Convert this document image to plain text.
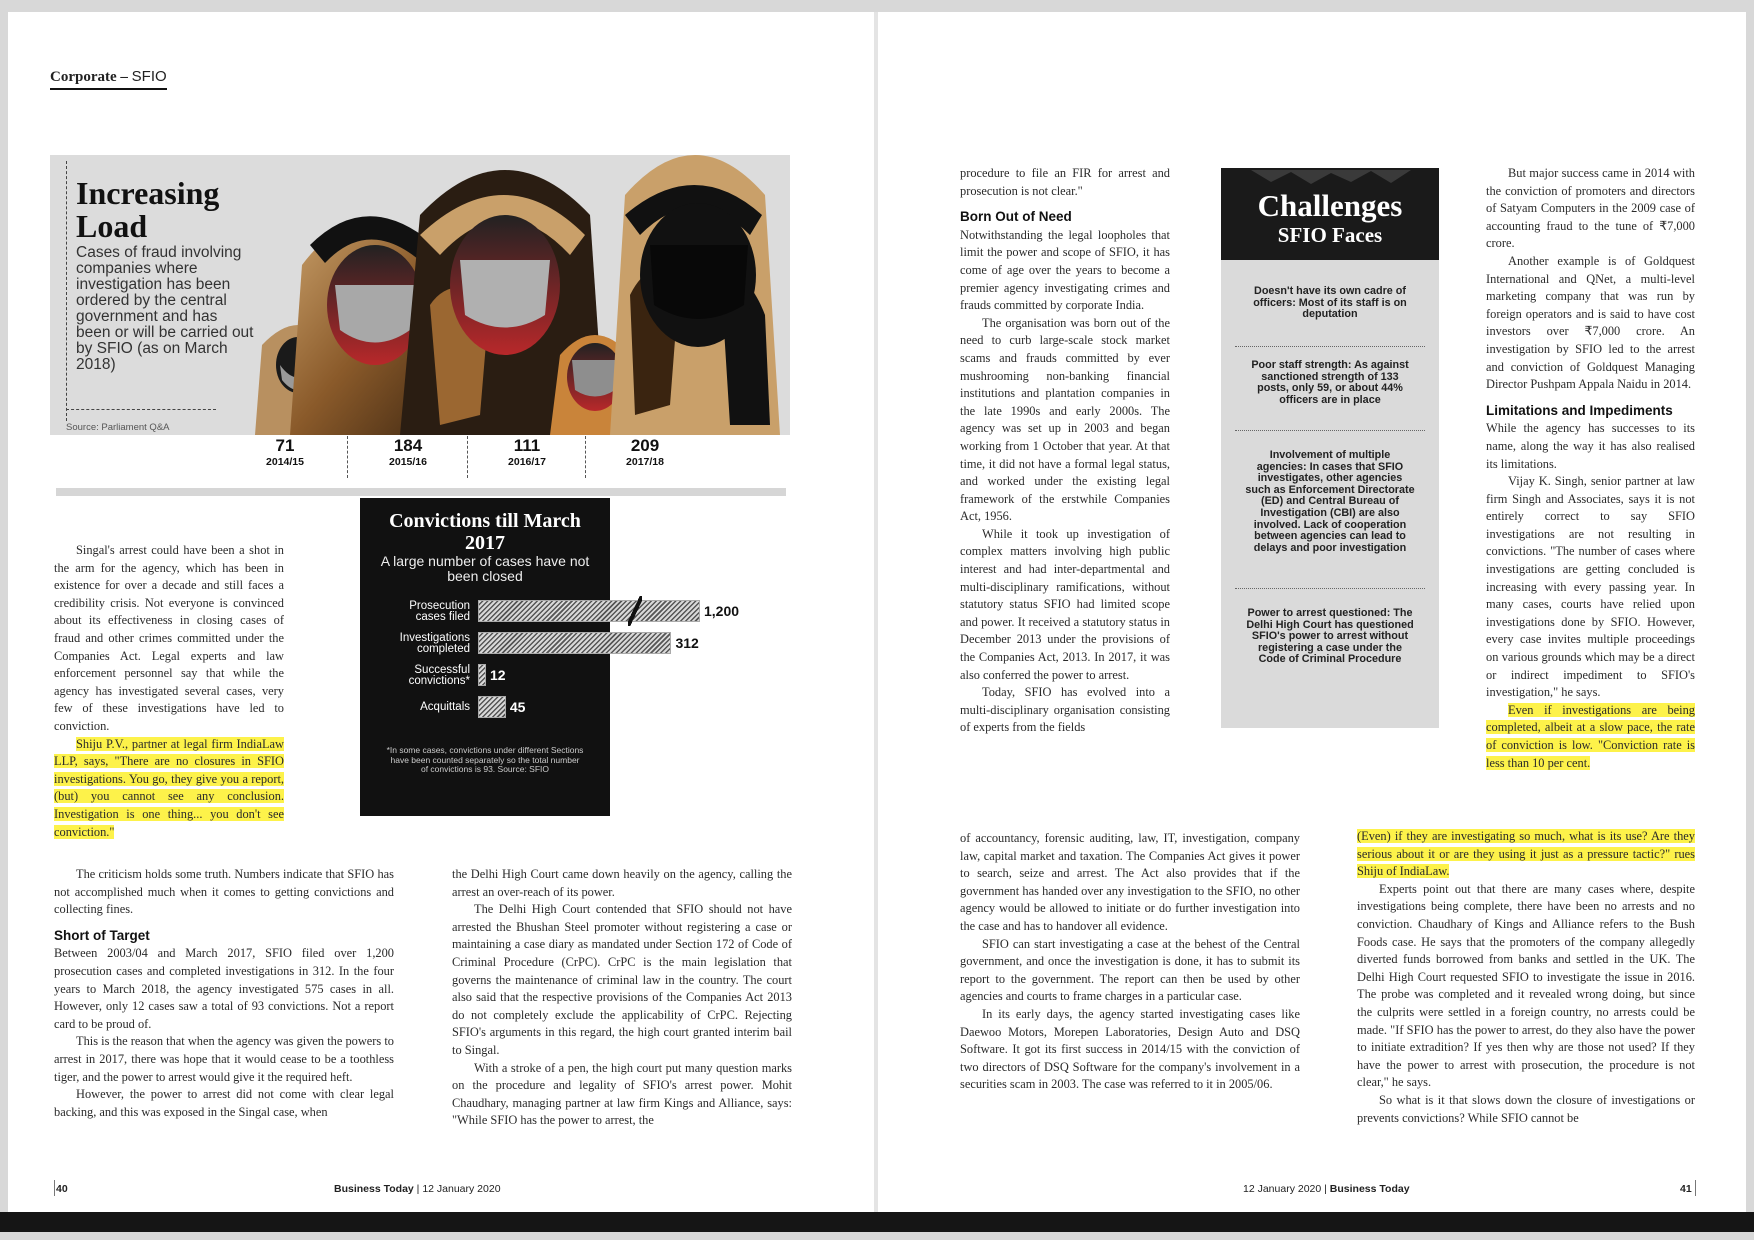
Corporate – SFIO
Increasing
Load
Cases of fraud involving companies where investigation has been ordered by the central government and has been or will be carried out by SFIO (as on March 2018)
Source: Parliament Q&A
71
2014/15
184
2015/16
111
2016/17
209
2017/18
Convictions till March 2017
A large number of cases have not been closed
Prosecution
cases filed	1,200
Investigations
completed	312
Successful
convictions* 12
Acquittals	45
*In some cases, convictions under different Sections have been counted separately so the total number of convictions is 93. Source: SFIO

Singal's arrest could have been a shot in the arm for the agency, which has been in existence for over a decade and still faces a credibility crisis. Not everyone is convinced about its effectiveness in closing cases of fraud and other crimes committed under the Companies Act. Legal experts and law enforcement personnel say that while the agency has investigated several cases, very few of these investigations have led to conviction.

Shiju P.V., partner at legal firm IndiaLaw LLP, says, "There are no closures in SFIO investigations. You go, they give you a report, (but) you cannot see any conclusion. Investigation is one thing... you don't see conviction."

The criticism holds some truth. Numbers indicate that SFIO has not accomplished much when it comes to getting convictions and collecting fines.

Short of Target

Between 2003/04 and March 2017, SFIO filed over 1,200 prosecution cases and completed investigations in 312. In the four years to March 2018, the agency investigated 575 cases in all. However, only 12 cases saw a total of 93 convictions. Not a report card to be proud of.

This is the reason that when the agency was given the powers to arrest in 2017, there was hope that it would cease to be a toothless tiger, and the power to arrest would give it the required heft.

However, the power to arrest did not come with clear legal backing, and this was exposed in the Singal case, when

the Delhi High Court came down heavily on the agency, calling the arrest an over-reach of its power.

The Delhi High Court contended that SFIO should not have arrested the Bhushan Steel promoter without registering a case or maintaining a case diary as mandated under Section 172 of Code of Criminal Procedure (CrPC). CrPC is the main legislation that governs the maintenance of criminal law in the country. The court also said that the respective provisions of the Companies Act 2013 do not completely exclude the applicability of CrPC. Rejecting SFIO's arguments in this regard, the high court granted interim bail to Singal.

With a stroke of a pen, the high court put many question marks on the procedure and legality of SFIO's arrest power. Mohit Chaudhary, managing partner at law firm Kings and Alliance, says: "While SFIO has the power to arrest, the

40	Business Today | 12 January 2020

procedure to file an FIR for arrest and prosecution is not clear."

Born Out of Need

Notwithstanding the legal loopholes that limit the power and scope of SFIO, it has come of age over the years to become a premier agency investigating crimes and frauds committed by corporate India.

The organisation was born out of the need to curb large-scale stock market scams and frauds committed by ever mushrooming non-banking financial institutions and plantation companies in the late 1990s and early 2000s. The agency was set up in 2003 and began working from 1 October that year. At that time, it did not have a formal legal status, and worked under the existing legal framework of the erstwhile Companies Act, 1956.

While it took up investigation of complex matters involving high public interest and had inter-departmental and multi-disciplinary ramifications, without statutory status SFIO had limited scope and power. It received a statutory status in December 2013 under the provisions of the Companies Act, 2013. In 2017, it was also conferred the power to arrest.

Today, SFIO has evolved into a multi-disciplinary organisation consisting of experts from the fields

of accountancy, forensic auditing, law, IT, investigation, company law, capital market and taxation. The Companies Act gives it power to search, seize and arrest. The Act also provides that if the government has handed over any investigation to the SFIO, no other agency would be allowed to initiate or do further investigation into the case and has to handover all evidence.

SFIO can start investigating a case at the behest of the Central government, and once the investigation is done, it has to submit its report to the government. The report can then be used by other agencies and courts to frame charges in a particular case.

In its early days, the agency started investigating cases like Daewoo Motors, Morepen Laboratories, Design Auto and DSQ Software. It got its first success in 2014/15 with the conviction of two directors of DSQ Software for the company's involvement in a securities scam in 2003. The case was referred to it in 2005/06.

Challenges
SFIO Faces
Doesn't have its own cadre of officers: Most of its staff is on deputation
Poor staff strength: As against sanctioned strength of 133 posts, only 59, or about 44% officers are in place
Involvement of multiple agencies: In cases that SFIO investigates, other agencies such as Enforcement Directorate (ED) and Central Bureau of Investigation (CBI) are also involved. Lack of cooperation between agencies can lead to delays and poor investigation
Power to arrest questioned: The Delhi High Court has questioned SFIO's power to arrest without registering a case under the Code of Criminal Procedure

But major success came in 2014 with the conviction of promoters and directors of Satyam Computers in the 2009 case of accounting fraud to the tune of ₹7,000 crore.

Another example is of Goldquest International and QNet, a multi-level marketing company that was run by foreign operators and is said to have cost investors over ₹7,000 crore. An investigation by SFIO led to the arrest and conviction of Goldquest Managing Director Pushpam Appala Naidu in 2014.

Limitations and Impediments

While the agency has successes to its name, along the way it has also realised its limitations.

Vijay K. Singh, senior partner at law firm Singh and Associates, says it is not entirely correct to say SFIO investigations are not resulting in convictions. "The number of cases where investigations are getting concluded is increasing with every passing year. In many cases, courts have relied upon investigations done by SFIO. However, every case invites multiple proceedings on various grounds which may be a direct or indirect impediment to SFIO's investigation," he says.

Even if investigations are being completed, albeit at a slow pace, the rate of conviction is low. "Conviction rate is less than 10 per cent.

(Even) if they are investigating so much, what is its use? Are they serious about it or are they using it just as a pressure tactic?" rues Shiju of IndiaLaw.

Experts point out that there are many cases where, despite investigations being complete, there have been no arrests and no conviction. Chaudhary of Kings and Alliance refers to the Bush Foods case. He says that the promoters of the company allegedly diverted funds borrowed from banks and settled in the UK. The Delhi High Court requested SFIO to investigate the issue in 2016. The probe was completed and it revealed wrong doing, but since the culprits were settled in a foreign country, no arrests could be made. "If SFIO has the power to arrest, do they also have the power to initiate extradition? If yes then why are those not used? If they have the power to arrest with prosecution, the procedure is not clear," he says.

So what is it that slows down the closure of investigations or prevents convictions? While SFIO cannot be

12 January 2020 | Business Today	41
